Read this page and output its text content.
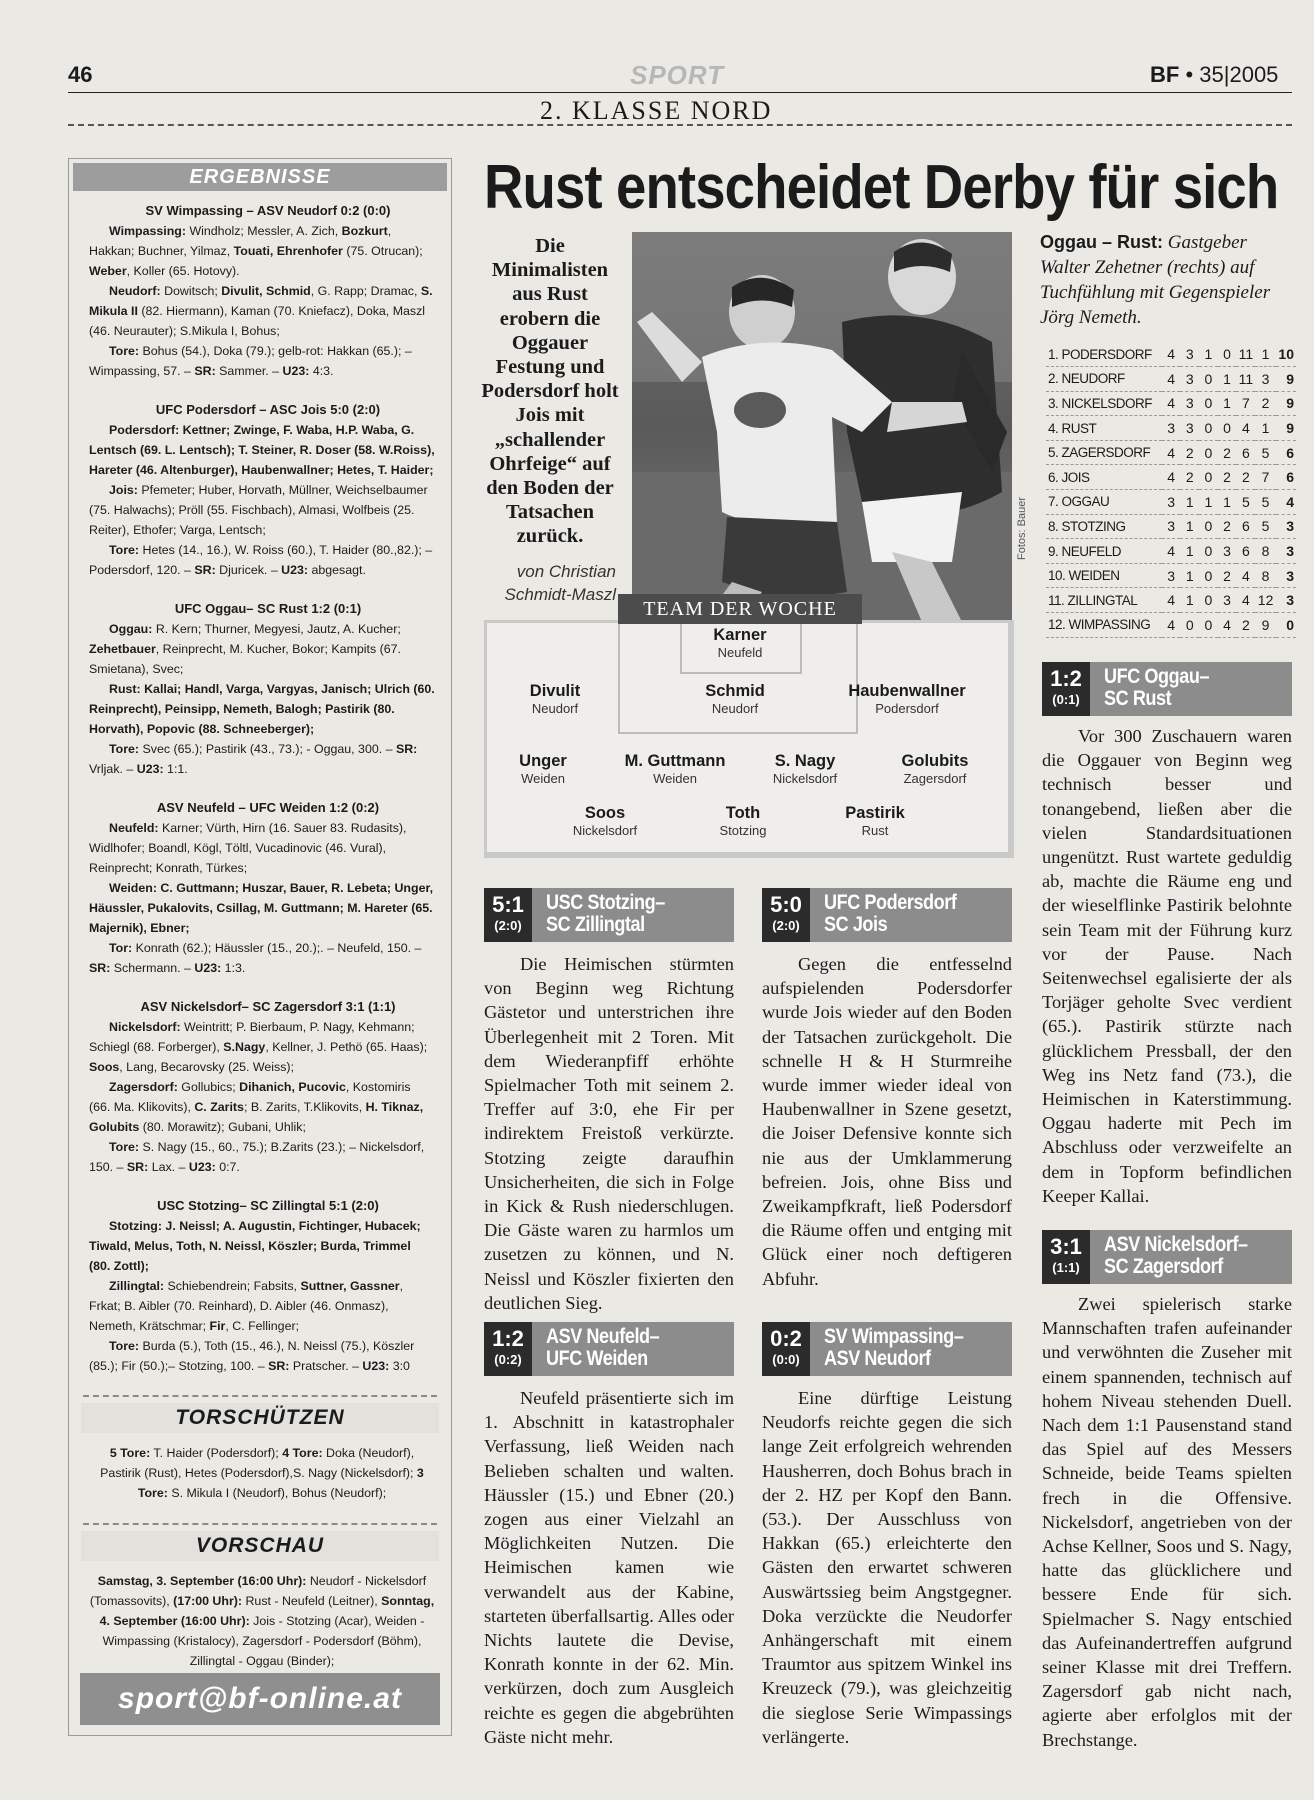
46	SPORT	BF • 35|2005
2. KLASSE NORD
ERGEBNISSE
SV Wimpassing – ASV Neudorf 0:2 (0:0)
Wimpassing: Windholz; Messler, A. Zich, Bozkurt, Hakkan; Buchner, Yilmaz, Touati, Ehrenhofer (75. Otrucan); Weber, Koller (65. Hotovy).
Neudorf: Dowitsch; Divulit, Schmid, G. Rapp; Dramac, S. Mikula II (82. Hiermann), Kaman (70. Kniefacz), Doka, Maszl (46. Neurauter); S.Mikula I, Bohus;
Tore: Bohus (54.), Doka (79.); gelb-rot: Hakkan (65.); – Wimpassing, 57. – SR: Sammer. – U23: 4:3.
UFC Podersdorf – ASC Jois 5:0 (2:0)
Podersdorf: Kettner; Zwinge, F. Waba, H.P. Waba, G. Lentsch (69. L. Lentsch); T. Steiner, R. Doser (58. W.Roiss), Hareter (46. Altenburger), Haubenwallner; Hetes, T. Haider;
Jois: Pfemeter; Huber, Horvath, Müllner, Weichselbaumer (75. Halwachs); Pröll (55. Fischbach), Almasi, Wolfbeis (25. Reiter), Ethofer; Varga, Lentsch;
Tore: Hetes (14., 16.), W. Roiss (60.), T. Haider (80.,82.); – Podersdorf, 120. – SR: Djuricek. – U23: abgesagt.
UFC Oggau– SC Rust 1:2 (0:1)
Oggau: R. Kern; Thurner, Megyesi, Jautz, A. Kucher; Zehetbauer, Reinprecht, M. Kucher, Bokor; Kampits (67. Smietana), Svec;
Rust: Kallai; Handl, Varga, Vargyas, Janisch; Ulrich (60. Reinprecht), Peinsipp, Nemeth, Balogh; Pastirik (80. Horvath), Popovic (88. Schneeberger);
Tore: Svec (65.); Pastirik (43., 73.); - Oggau, 300. – SR: Vrljak. – U23: 1:1.
ASV Neufeld – UFC Weiden 1:2 (0:2)
Neufeld: Karner; Vürth, Hirn (16. Sauer 83. Rudasits), Widlhofer; Boandl, Kögl, Töltl, Vucadinovic (46. Vural), Reinprecht; Konrath, Türkes;
Weiden: C. Guttmann; Huszar, Bauer, R. Lebeta; Unger, Häussler, Pukalovits, Csillag, M. Guttmann; M. Hareter (65. Majernik), Ebner;
Tor: Konrath (62.); Häussler (15., 20.);. – Neufeld, 150. – SR: Schermann. – U23: 1:3.
ASV Nickelsdorf– SC Zagersdorf 3:1 (1:1)
Nickelsdorf: Weintritt; P. Bierbaum, P. Nagy, Kehmann; Schiegl (68. Forberger), S.Nagy, Kellner, J. Pethö (65. Haas); Soos, Lang, Becarovsky (25. Weiss);
Zagersdorf: Gollubics; Dihanich, Pucovic, Kostomiris (66. Ma. Klikovits), C. Zarits; B. Zarits, T.Klikovits, H. Tiknaz, Golubits (80. Morawitz); Gubani, Uhlik;
Tore: S. Nagy (15., 60., 75.); B.Zarits (23.); – Nickelsdorf, 150. – SR: Lax. – U23: 0:7.
USC Stotzing– SC Zillingtal 5:1 (2:0)
Stotzing: J. Neissl; A. Augustin, Fichtinger, Hubacek; Tiwald, Melus, Toth, N. Neissl, Köszler; Burda, Trimmel (80. Zottl);
Zillingtal: Schiebendrein; Fabsits, Suttner, Gassner, Frkat; B. Aibler (70. Reinhard), D. Aibler (46. Onmasz), Nemeth, Krätschmar; Fir, C. Fellinger;
Tore: Burda (5.), Toth (15., 46.), N. Neissl (75.), Köszler (85.); Fir (50.);– Stotzing, 100. – SR: Pratscher. – U23: 3:0
TORSCHÜTZEN
5 Tore: T. Haider (Podersdorf); 4 Tore: Doka (Neudorf), Pastirik (Rust), Hetes (Podersdorf),S. Nagy (Nickelsdorf); 3 Tore: S. Mikula I (Neudorf), Bohus (Neudorf);
VORSCHAU
Samstag, 3. September (16:00 Uhr): Neudorf - Nickelsdorf (Tomassovits), (17:00 Uhr): Rust - Neufeld (Leitner), Sonntag, 4. September (16:00 Uhr): Jois - Stotzing (Acar), Weiden - Wimpassing (Kristalocy), Zagersdorf - Podersdorf (Böhm), Zillingtal - Oggau (Binder);
sport@bf-online.at
Rust entscheidet Derby für sich
Die Minimalisten aus Rust erobern die Oggauer Festung und Podersdorf holt Jois mit „schallender Ohrfeige“ auf den Boden der Tatsachen zurück.
von Christian Schmidt-Maszl
Fotos: Bauer
Oggau – Rust: Gastgeber Walter Zehetner (rechts) auf Tuchfühlung mit Gegenspieler Jörg Nemeth.
1. PODERSDORF	4	3	1	0	11	1	10
2. NEUDORF	4	3	0	1	11	3	9
3. NICKELSDORF	4	3	0	1	7	2	9
4. RUST	3	3	0	0	4	1	9
5. ZAGERSDORF	4	2	0	2	6	5	6
6. JOIS	4	2	0	2	2	7	6
7. OGGAU	3	1	1	1	5	5	4
8. STOTZING	3	1	0	2	6	5	3
9. NEUFELD	4	1	0	3	6	8	3
10. WEIDEN	3	1	0	2	4	8	3
11. ZILLINGTAL	4	1	0	3	4	12	3
12. WIMPASSING	4	0	0	4	2	9	0
TEAM DER WOCHE
Karner
Neufeld
Divulit
Neudorf
Schmid
Neudorf
Haubenwallner
Podersdorf
Unger
Weiden
M. Guttmann
Weiden
S. Nagy
Nickelsdorf
Golubits
Zagersdorf
Soos
Nickelsdorf
Toth
Stotzing
Pastirik
Rust
5:1
(2:0)
USC Stotzing–
SC Zillingtal

Die Heimischen stürmten von Beginn weg Richtung Gästetor und unterstrichen ihre Überlegenheit mit 2 Toren. Mit dem Wiederanpfiff erhöhte Spielmacher Toth mit seinem 2. Treffer auf 3:0, ehe Fir per indirektem Freistoß verkürzte. Stotzing zeigte daraufhin Unsicherheiten, die sich in Folge in Kick & Rush niederschlugen. Die Gäste waren zu harmlos um zusetzen zu können, und N. Neissl und Köszler fixierten den deutlichen Sieg.

5:0
(2:0)
UFC Podersdorf
SC Jois

Gegen die entfesselnd aufspielenden Podersdorfer wurde Jois wieder auf den Boden der Tatsachen zurückgeholt. Die schnelle H & H Sturmreihe wurde immer wieder ideal von Haubenwallner in Szene gesetzt, die Joiser Defensive konnte sich nie aus der Umklammerung befreien. Jois, ohne Biss und Zweikampfkraft, ließ Podersdorf die Räume offen und entging mit Glück einer noch deftigeren Abfuhr.

1:2
(0:1)
UFC Oggau–
SC Rust

Vor 300 Zuschauern waren die Oggauer von Beginn weg technisch besser und tonangebend, ließen aber die vielen Standardsituationen ungenützt. Rust wartete geduldig ab, machte die Räume eng und der wieselflinke Pastirik belohnte sein Team mit der Führung kurz vor der Pause. Nach Seitenwechsel egalisierte der als Torjäger geholte Svec verdient (65.). Pastirik stürzte nach glücklichem Pressball, der den Weg ins Netz fand (73.), die Heimischen in Katerstimmung. Oggau haderte mit Pech im Abschluss oder verzweifelte an dem in Topform befindlichen Keeper Kallai.

1:2
(0:2)
ASV Neufeld–
UFC Weiden

Neufeld präsentierte sich im 1. Abschnitt in katastrophaler Verfassung, ließ Weiden nach Belieben schalten und walten. Häussler (15.) und Ebner (20.) zogen aus einer Vielzahl an Möglichkeiten Nutzen. Die Heimischen kamen wie verwandelt aus der Kabine, starteten überfallsartig. Alles oder Nichts lautete die Devise, Konrath konnte in der 62. Min. verkürzen, doch zum Ausgleich reichte es gegen die abgebrühten Gäste nicht mehr.

0:2
(0:0)
SV Wimpassing–
ASV Neudorf

Eine dürftige Leistung Neudorfs reichte gegen die sich lange Zeit erfolgreich wehrenden Hausherren, doch Bohus brach in der 2. HZ per Kopf den Bann. (53.). Der Ausschluss von Hakkan (65.) erleichterte den Gästen den erwartet schweren Auswärtssieg beim Angstgegner. Doka verzückte die Neudorfer Anhängerschaft mit einem Traumtor aus spitzem Winkel ins Kreuzeck (79.), was gleichzeitig die sieglose Serie Wimpassings verlängerte.

3:1
(1:1)
ASV Nickelsdorf–
SC Zagersdorf

Zwei spielerisch starke Mannschaften trafen aufeinander und verwöhnten die Zuseher mit einem spannenden, technisch auf hohem Niveau stehenden Duell. Nach dem 1:1 Pausenstand stand das Spiel auf des Messers Schneide, beide Teams spielten frech in die Offensive. Nickelsdorf, angetrieben von der Achse Kellner, Soos und S. Nagy, hatte das glücklichere und bessere Ende für sich. Spielmacher S. Nagy entschied das Aufeinandertreffen aufgrund seiner Klasse mit drei Treffern. Zagersdorf gab nicht nach, agierte aber erfolglos mit der Brechstange.
